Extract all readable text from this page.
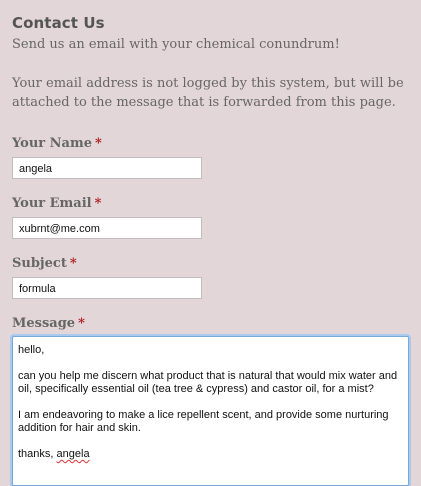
Contact Us
Send us an email with your chemical conundrum!
Your email address is not logged by this system, but will be attached to the message that is forwarded from this page.
Your Name *
angela
Your Email *
xubrnt@me.com
Subject *
formula
Message *

hello,

can you help me discern what product that is natural that would mix water and oil, specifically essential oil (tea tree & cypress) and castor oil, for a mist?

I am endeavoring to make a lice repellent scent, and provide some nurturing addition for hair and skin.

thanks, angela
